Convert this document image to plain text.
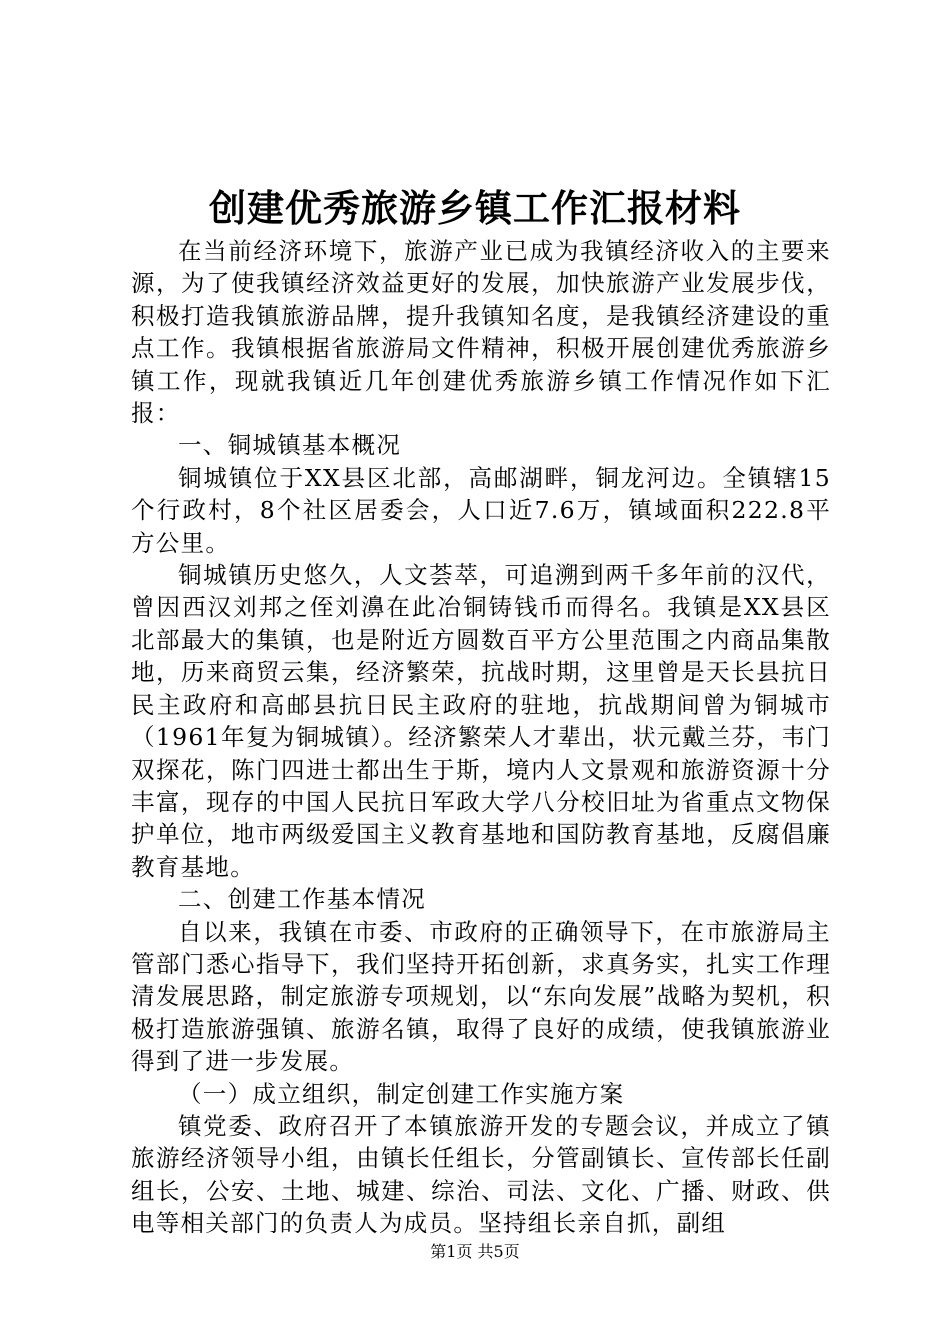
创建优秀旅游乡镇工作汇报材料

在当前经济环境下，旅游产业已成为我镇经济收入的主要来源，为了使我镇经济效益更好的发展，加快旅游产业发展步伐，积极打造我镇旅游品牌，提升我镇知名度，是我镇经济建设的重点工作。我镇根据省旅游局文件精神，积极开展创建优秀旅游乡镇工作，现就我镇近几年创建优秀旅游乡镇工作情况作如下汇报：

一、铜城镇基本概况

铜城镇位于XX县区北部，高邮湖畔，铜龙河边。全镇辖15个行政村，8个社区居委会，人口近7.6万，镇域面积222.8平方公里。

铜城镇历史悠久，人文荟萃，可追溯到两千多年前的汉代，曾因西汉刘邦之侄刘濞在此冶铜铸钱币而得名。我镇是XX县区北部最大的集镇，也是附近方圆数百平方公里范围之内商品集散地，历来商贸云集，经济繁荣，抗战时期，这里曾是天长县抗日民主政府和高邮县抗日民主政府的驻地，抗战期间曾为铜城市（1961年复为铜城镇）。经济繁荣人才辈出，状元戴兰芬，韦门双探花，陈门四进士都出生于斯，境内人文景观和旅游资源十分丰富，现存的中国人民抗日军政大学八分校旧址为省重点文物保护单位，地市两级爱国主义教育基地和国防教育基地，反腐倡廉教育基地。

二、创建工作基本情况

自以来，我镇在市委、市政府的正确领导下，在市旅游局主管部门悉心指导下，我们坚持开拓创新，求真务实，扎实工作理清发展思路，制定旅游专项规划，以“东向发展”战略为契机，积极打造旅游强镇、旅游名镇，取得了良好的成绩，使我镇旅游业得到了进一步发展。

（一）成立组织，制定创建工作实施方案

镇党委、政府召开了本镇旅游开发的专题会议，并成立了镇旅游经济领导小组，由镇长任组长，分管副镇长、宣传部长任副组长，公安、土地、城建、综治、司法、文化、广播、财政、供电等相关部门的负责人为成员。坚持组长亲自抓，副组

第1页 共5页
